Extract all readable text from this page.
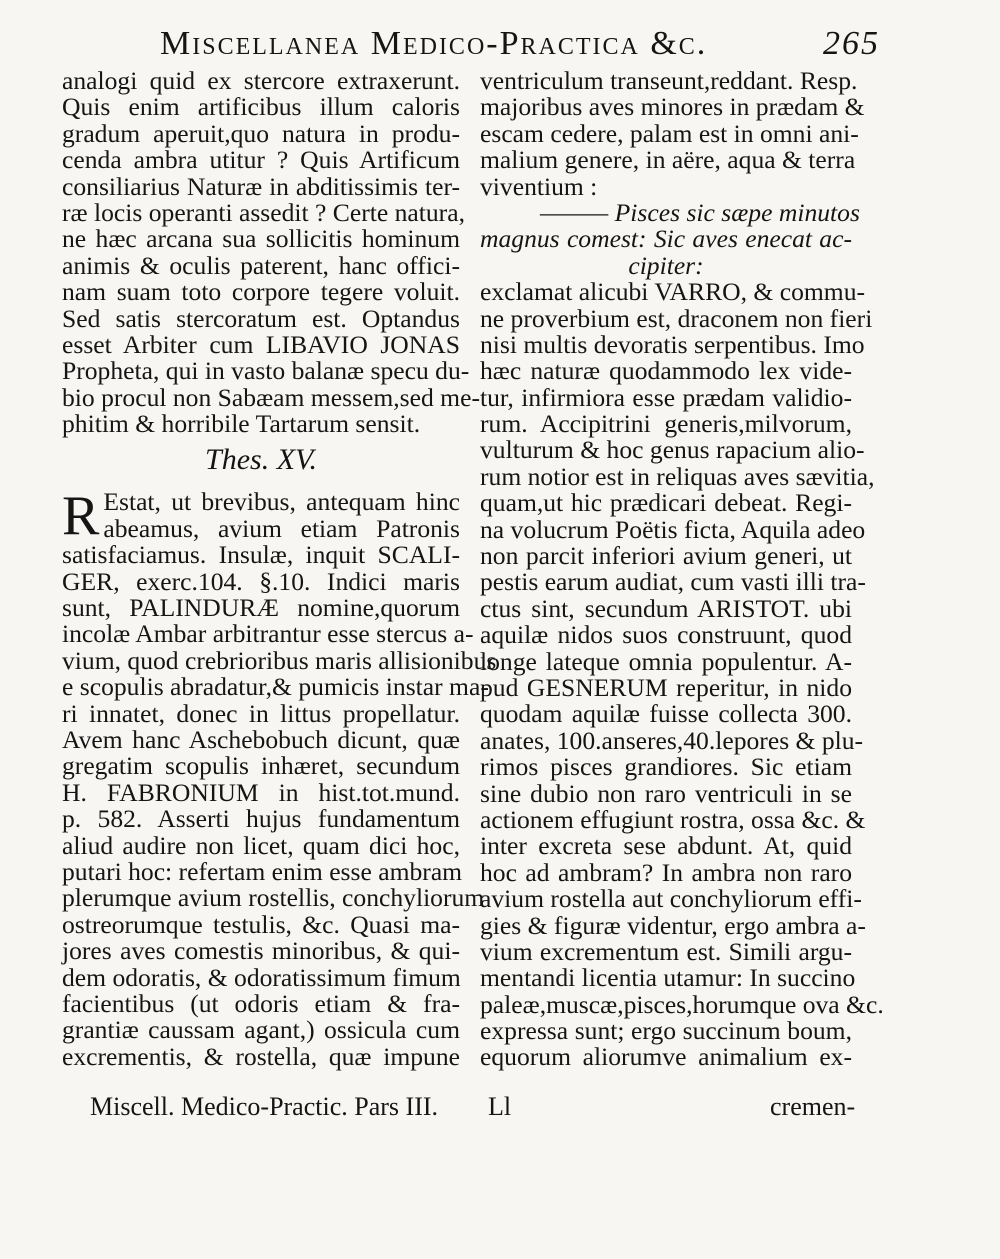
Miscellanea Medico-Practica &c.	265
analogi quid ex stercore extraxerunt.
Quis enim artificibus illum caloris
gradum aperuit,quo natura in produ-
cenda ambra utitur ? Quis Artificum
consiliarius Naturæ in abditissimis ter-
ræ locis operanti assedit ? Certe natura,
ne hæc arcana sua sollicitis hominum
animis & oculis paterent, hanc offici-
nam suam toto corpore tegere voluit.
Sed satis stercoratum est. Optandus
esset Arbiter cum LIBAVIO JONAS
Propheta, qui in vasto balanæ specu du-
bio procul non Sabæam messem,sed me-
phitim & horribile Tartarum sensit.
Thes. XV.
R Estat, ut brevibus, antequam hinc
abeamus, avium etiam Patronis
satisfaciamus. Insulæ, inquit SCALI-
GER, exerc.104. §.10. Indici maris
sunt, PALINDURÆ nomine,quorum
incolæ Ambar arbitrantur esse stercus a-
vium, quod crebrioribus maris allisionibus
e scopulis abradatur,& pumicis instar ma-
ri innatet, donec in littus propellatur.
Avem hanc Aschebobuch dicunt, quæ
gregatim scopulis inhæret, secundum
H. FABRONIUM in hist.tot.mund.
p. 582. Asserti hujus fundamentum
aliud audire non licet, quam dici hoc,
putari hoc: refertam enim esse ambram
plerumque avium rostellis, conchyliorum
ostreorumque testulis, &c. Quasi ma-
jores aves comestis minoribus, & qui-
dem odoratis, & odoratissimum fimum
facientibus (ut odoris etiam & fra-
grantiæ caussam agant,) ossicula cum
excrementis, & rostella, quæ impune
ventriculum transeunt,reddant. Resp.
majoribus aves minores in prædam &
escam cedere, palam est in omni ani-
malium genere, in aëre, aqua & terra
viventium :
——— Pisces sic sæpe minutos
magnus comest: Sic aves enecat ac-
cipiter:
exclamat alicubi VARRO, & commu-
ne proverbium est, draconem non fieri
nisi multis devoratis serpentibus. Imo
hæc naturæ quodammodo lex vide-
tur, infirmiora esse prædam validio-
rum. Accipitrini generis,milvorum,
vulturum & hoc genus rapacium alio-
rum notior est in reliquas aves sævitia,
quam,ut hic prædicari debeat. Regi-
na volucrum Poëtis ficta, Aquila adeo
non parcit inferiori avium generi, ut
pestis earum audiat, cum vasti illi tra-
ctus sint, secundum ARISTOT. ubi
aquilæ nidos suos construunt, quod
longe lateque omnia populentur. A-
pud GESNERUM reperitur, in nido
quodam aquilæ fuisse collecta 300.
anates, 100.anseres,40.lepores & plu-
rimos pisces grandiores. Sic etiam
sine dubio non raro ventriculi in se
actionem effugiunt rostra, ossa &c. &
inter excreta sese abdunt. At, quid
hoc ad ambram? In ambra non raro
avium rostella aut conchyliorum effi-
gies & figuræ videntur, ergo ambra a-
vium excrementum est. Simili argu-
mentandi licentia utamur: In succino
paleæ,muscæ,pisces,horumque ova &c.
expressa sunt; ergo succinum boum,
equorum aliorumve animalium ex-
Miscell. Medico-Practic. Pars III. Ll	cremen-
